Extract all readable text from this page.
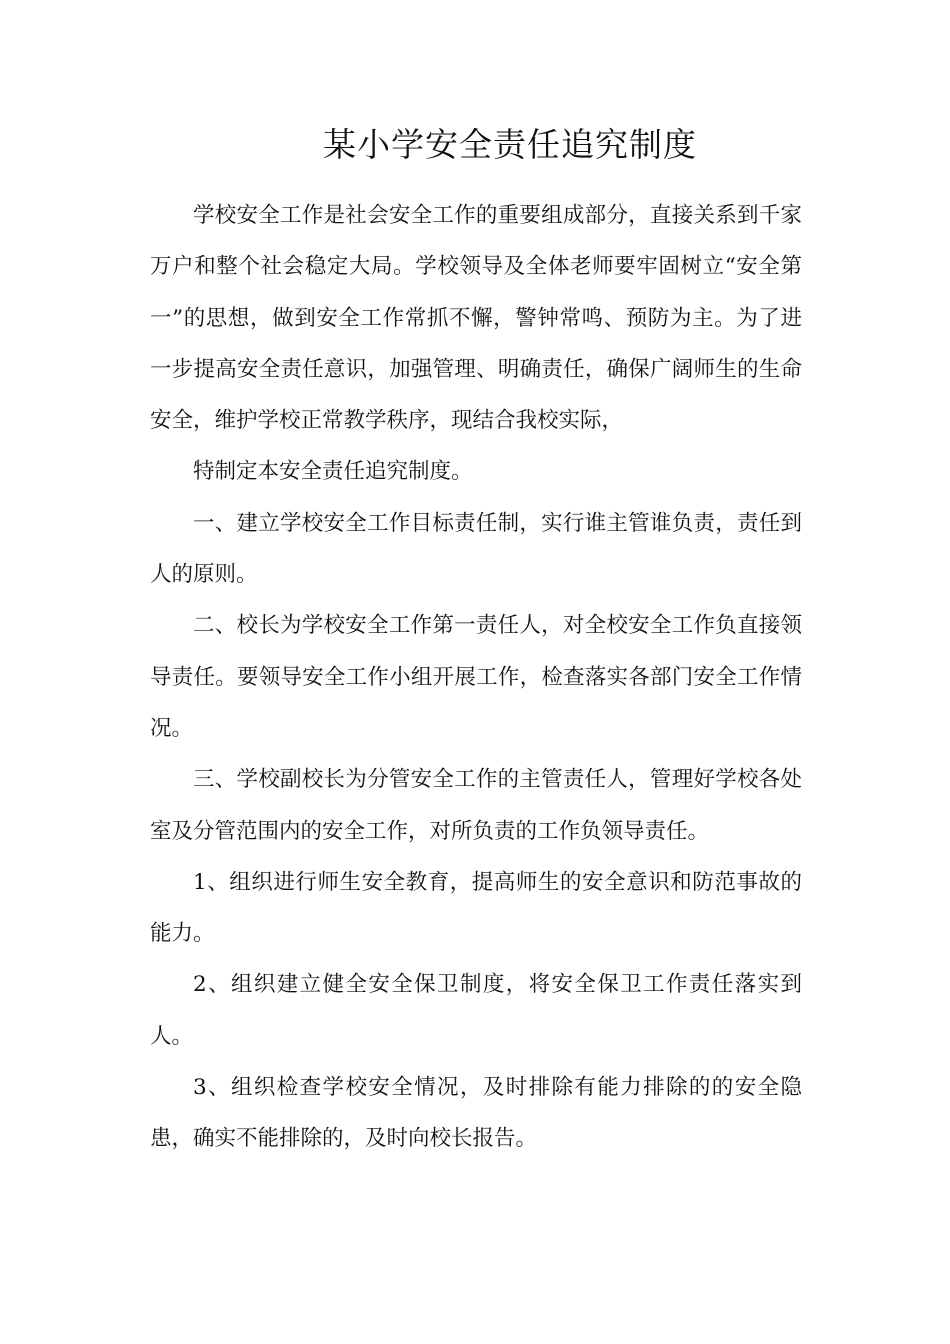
某小学安全责任追究制度

学校安全工作是社会安全工作的重要组成部分，直接关系到千家万户和整个社会稳定大局。学校领导及全体老师要牢固树立“安全第一”的思想，做到安全工作常抓不懈，警钟常鸣、预防为主。为了进一步提高安全责任意识，加强管理、明确责任，确保广阔师生的生命安全，维护学校正常教学秩序，现结合我校实际，

特制定本安全责任追究制度。

一、建立学校安全工作目标责任制，实行谁主管谁负责，责任到人的原则。

二、校长为学校安全工作第一责任人，对全校安全工作负直接领导责任。要领导安全工作小组开展工作，检查落实各部门安全工作情况。

三、学校副校长为分管安全工作的主管责任人，管理好学校各处室及分管范围内的安全工作，对所负责的工作负领导责任。

1、组织进行师生安全教育，提高师生的安全意识和防范事故的能力。

2、组织建立健全安全保卫制度，将安全保卫工作责任落实到人。

3、组织检查学校安全情况，及时排除有能力排除的的安全隐患，确实不能排除的，及时向校长报告。
